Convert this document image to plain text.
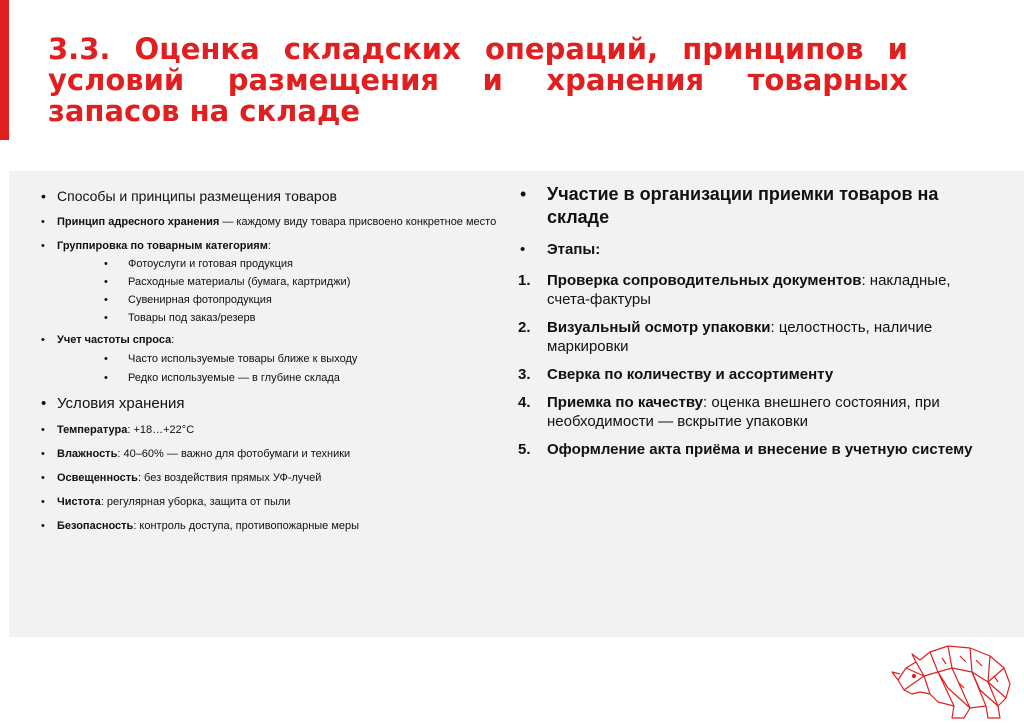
3.3. Оценка складских операций, принципов и
условий размещения и хранения товарных
запасов на складе
• Способы и принципы размещения товаров
• Принцип адресного хранения — каждому виду товара присвоено конкретное место
• Группировка по товарным категориям:
• Фотоуслуги и готовая продукция
• Расходные материалы (бумага, картриджи)
• Сувенирная фотопродукция
• Товары под заказ/резерв
• Учет частоты спроса:
• Часто используемые товары ближе к выходу
• Редко используемые — в глубине склада
• Условия хранения
• Температура: +18…+22°C
• Влажность: 40–60% — важно для фотобумаги и техники
• Освещенность: без воздействия прямых УФ-лучей
• Чистота: регулярная уборка, защита от пыли
• Безопасность: контроль доступа, противопожарные меры
• Участие в организации приемки товаров на складе
• Этапы:
1. Проверка сопроводительных документов: накладные, счета-фактуры
2. Визуальный осмотр упаковки: целостность, наличие маркировки
3. Сверка по количеству и ассортименту
4. Приемка по качеству: оценка внешнего состояния, при необходимости — вскрытие упаковки
5. Оформление акта приёма и внесение в учетную систему
